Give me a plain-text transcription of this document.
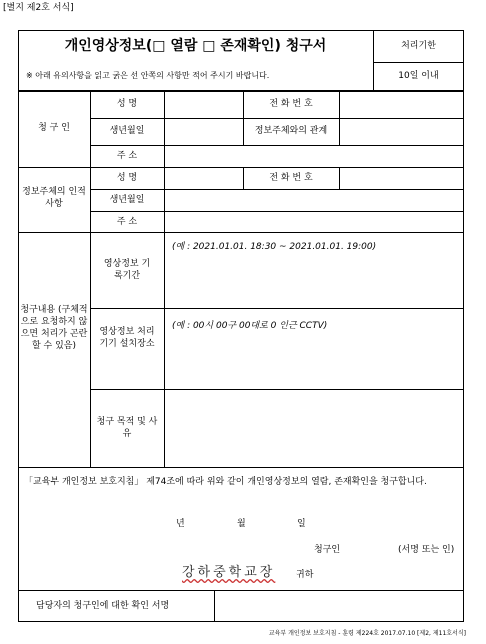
[별지 제2호 서식]
개인영상정보(□ 열람 □ 존재확인) 청구서	처리기한
10일 이내
※ 아래 유의사항을 읽고 굵은 선 안쪽의 사항만 적어 주시기 바랍니다.
청 구 인
성 명	전 화 번 호
생년월일	정보주체와의 관계
주 소
정보주체의 인적사항
성 명	전 화 번 호
생년월일
주 소
청구내용 (구체적으로 요청하지 않으면 처리가 곤란할 수 있음)
영상정보 기록기간
(예 : 2021.01.01. 18:30 ~ 2021.01.01. 19:00)
영상정보 처리기기 설치장소
(예 : 00시 00구 00대로 0 인근 CCTV)
청구 목적 및 사유
「교육부 개인정보 보호지침」 제74조에 따라 위와 같이 개인영상정보의 열람, 존재확인을 청구합니다.
년	월	일
청구인	(서명 또는 인)
강하중학교장 귀하
담당자의 청구인에 대한 확인 서명
교육부 개인정보 보호지침 - 훈령 제224호 2017.07.10 [제2, 제11호서식]
